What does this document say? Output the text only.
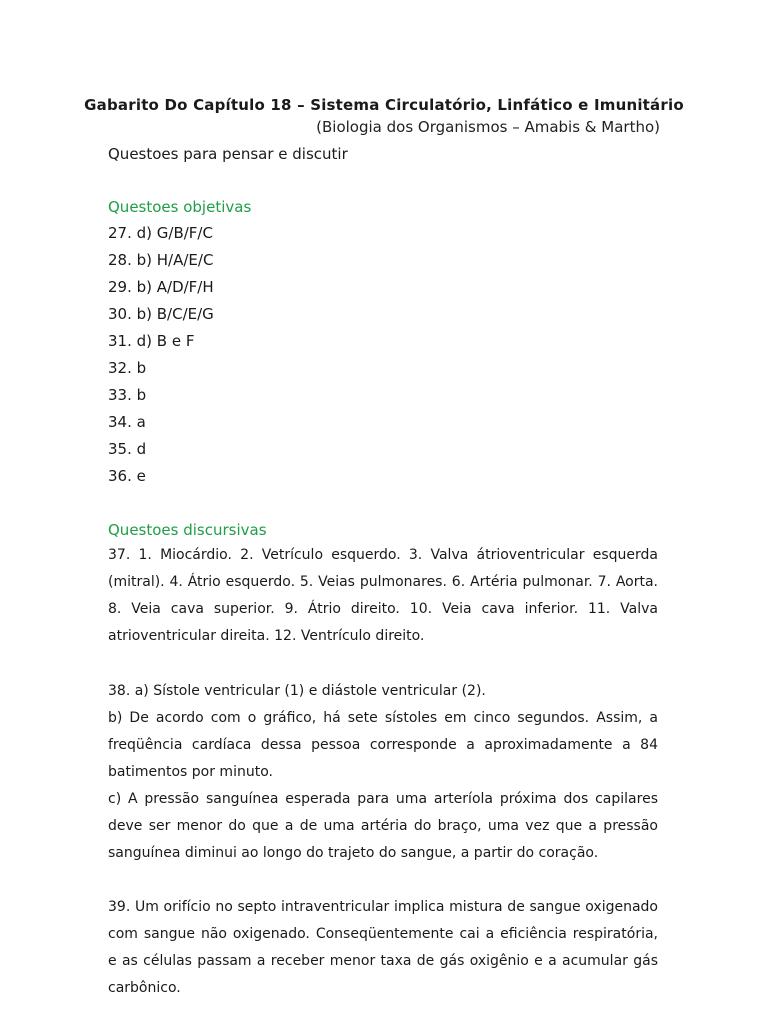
Gabarito Do Capítulo 18 – Sistema Circulatório, Linfático e Imunitário
(Biologia dos Organismos – Amabis & Martho)
Questoes para pensar e discutir
Questoes objetivas
27. d) G/B/F/C
28. b) H/A/E/C
29. b) A/D/F/H
30. b) B/C/E/G
31. d) B e F
32. b
33. b
34. a
35. d
36. e
Questoes discursivas
37. 1. Miocárdio. 2. Vetrículo esquerdo. 3. Valva átrioventricular esquerda (mitral). 4. Átrio esquerdo. 5. Veias pulmonares. 6. Artéria pulmonar. 7. Aorta. 8. Veia cava superior. 9. Átrio direito. 10. Veia cava inferior. 11. Valva atrioventricular direita. 12. Ventrículo direito.
38. a) Sístole ventricular (1) e diástole ventricular (2).
b) De acordo com o gráfico, há sete sístoles em cinco segundos. Assim, a freqüência cardíaca dessa pessoa corresponde a aproximadamente a 84 batimentos por minuto.
c) A pressão sanguínea esperada para uma arteríola próxima dos capilares deve ser menor do que a de uma artéria do braço, uma vez que a pressão sanguínea diminui ao longo do trajeto do sangue, a partir do coração.
39. Um orifício no septo intraventricular implica mistura de sangue oxigenado com sangue não oxigenado. Conseqüentemente cai a eficiência respiratória, e as células passam a receber menor taxa de gás oxigênio e a acumular gás carbônico.
